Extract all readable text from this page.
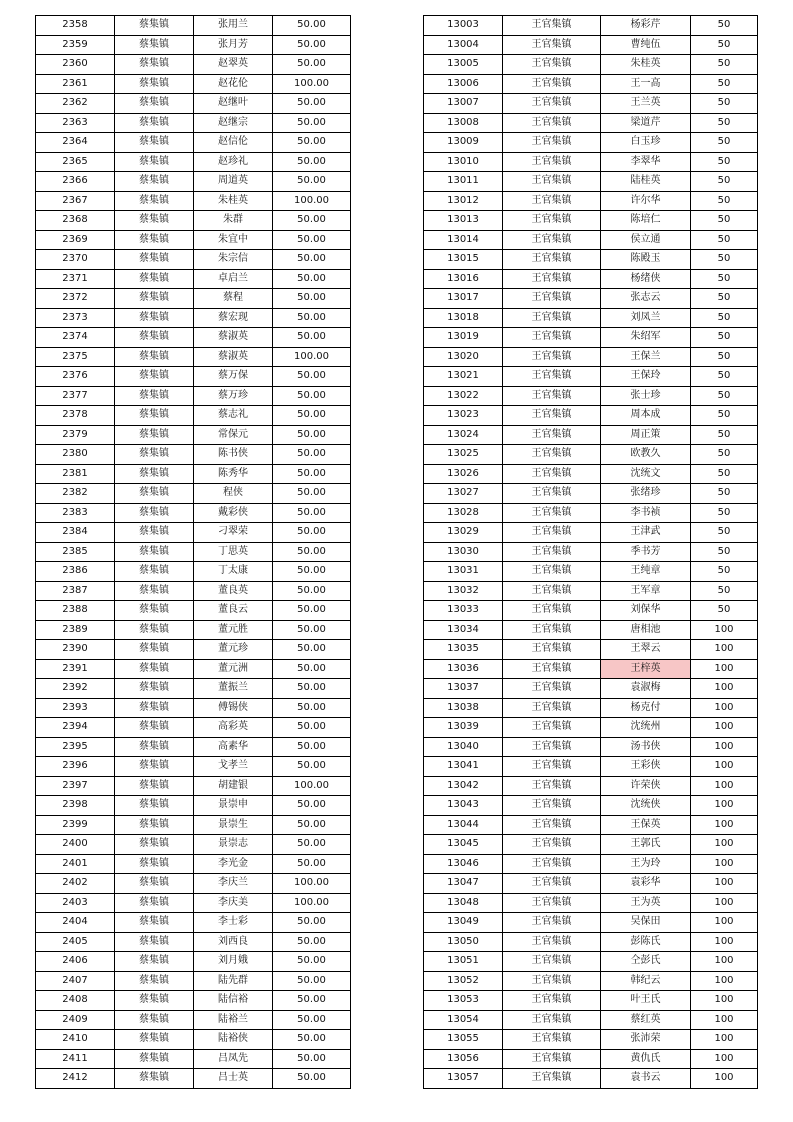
2358	蔡集镇	张用兰	50.00
2359	蔡集镇	张月芳	50.00
2360	蔡集镇	赵翠英	50.00
2361	蔡集镇	赵花伦	100.00
2362	蔡集镇	赵继叶	50.00
2363	蔡集镇	赵继宗	50.00
2364	蔡集镇	赵信伦	50.00
2365	蔡集镇	赵珍礼	50.00
2366	蔡集镇	周道英	50.00
2367	蔡集镇	朱桂英	100.00
2368	蔡集镇	朱群	50.00
2369	蔡集镇	朱宜中	50.00
2370	蔡集镇	朱宗信	50.00
2371	蔡集镇	卓启兰	50.00
2372	蔡集镇	蔡程	50.00
2373	蔡集镇	蔡宏现	50.00
2374	蔡集镇	蔡淑英	50.00
2375	蔡集镇	蔡淑英	100.00
2376	蔡集镇	蔡万保	50.00
2377	蔡集镇	蔡万珍	50.00
2378	蔡集镇	蔡志礼	50.00
2379	蔡集镇	常保元	50.00
2380	蔡集镇	陈书侠	50.00
2381	蔡集镇	陈秀华	50.00
2382	蔡集镇	程侠	50.00
2383	蔡集镇	戴彩侠	50.00
2384	蔡集镇	刁翠荣	50.00
2385	蔡集镇	丁思英	50.00
2386	蔡集镇	丁太康	50.00
2387	蔡集镇	董良英	50.00
2388	蔡集镇	董良云	50.00
2389	蔡集镇	董元胜	50.00
2390	蔡集镇	董元珍	50.00
2391	蔡集镇	董元洲	50.00
2392	蔡集镇	董振兰	50.00
2393	蔡集镇	傅锡侠	50.00
2394	蔡集镇	高彩英	50.00
2395	蔡集镇	高素华	50.00
2396	蔡集镇	戈孝兰	50.00
2397	蔡集镇	胡建银	100.00
2398	蔡集镇	景崇申	50.00
2399	蔡集镇	景崇生	50.00
2400	蔡集镇	景崇志	50.00
2401	蔡集镇	李光金	50.00
2402	蔡集镇	李庆兰	100.00
2403	蔡集镇	李庆美	100.00
2404	蔡集镇	李士彩	50.00
2405	蔡集镇	刘西良	50.00
2406	蔡集镇	刘月娥	50.00
2407	蔡集镇	陆先群	50.00
2408	蔡集镇	陆信裕	50.00
2409	蔡集镇	陆裕兰	50.00
2410	蔡集镇	陆裕侠	50.00
2411	蔡集镇	吕凤先	50.00
2412	蔡集镇	吕士英	50.00
13003	王官集镇	杨彩芹	50
13004	王官集镇	曹纯伍	50
13005	王官集镇	朱桂英	50
13006	王官集镇	王一高	50
13007	王官集镇	王兰英	50
13008	王官集镇	梁道芹	50
13009	王官集镇	白玉珍	50
13010	王官集镇	李翠华	50
13011	王官集镇	陆桂英	50
13012	王官集镇	许尔华	50
13013	王官集镇	陈培仁	50
13014	王官集镇	侯立通	50
13015	王官集镇	陈殿玉	50
13016	王官集镇	杨绪侠	50
13017	王官集镇	张志云	50
13018	王官集镇	刘凤兰	50
13019	王官集镇	朱绍军	50
13020	王官集镇	王保兰	50
13021	王官集镇	王保玲	50
13022	王官集镇	张士珍	50
13023	王官集镇	周本成	50
13024	王官集镇	周正策	50
13025	王官集镇	欧教久	50
13026	王官集镇	沈统文	50
13027	王官集镇	张绪珍	50
13028	王官集镇	李书祯	50
13029	王官集镇	王津武	50
13030	王官集镇	季书芳	50
13031	王官集镇	王纯章	50
13032	王官集镇	王军章	50
13033	王官集镇	刘保华	50
13034	王官集镇	唐相池	100
13035	王官集镇	王翠云	100
13036	王官集镇	王梓英	100
13037	王官集镇	袁淑梅	100
13038	王官集镇	杨克付	100
13039	王官集镇	沈统州	100
13040	王官集镇	汤书侠	100
13041	王官集镇	王彩侠	100
13042	王官集镇	许荣侠	100
13043	王官集镇	沈统侠	100
13044	王官集镇	王保英	100
13045	王官集镇	王郭氏	100
13046	王官集镇	王为玲	100
13047	王官集镇	袁彩华	100
13048	王官集镇	王为英	100
13049	王官集镇	吴保田	100
13050	王官集镇	彭陈氏	100
13051	王官集镇	仝彭氏	100
13052	王官集镇	韩纪云	100
13053	王官集镇	叶王氏	100
13054	王官集镇	蔡红英	100
13055	王官集镇	张沛荣	100
13056	王官集镇	黄仇氏	100
13057	王官集镇	袁书云	100
